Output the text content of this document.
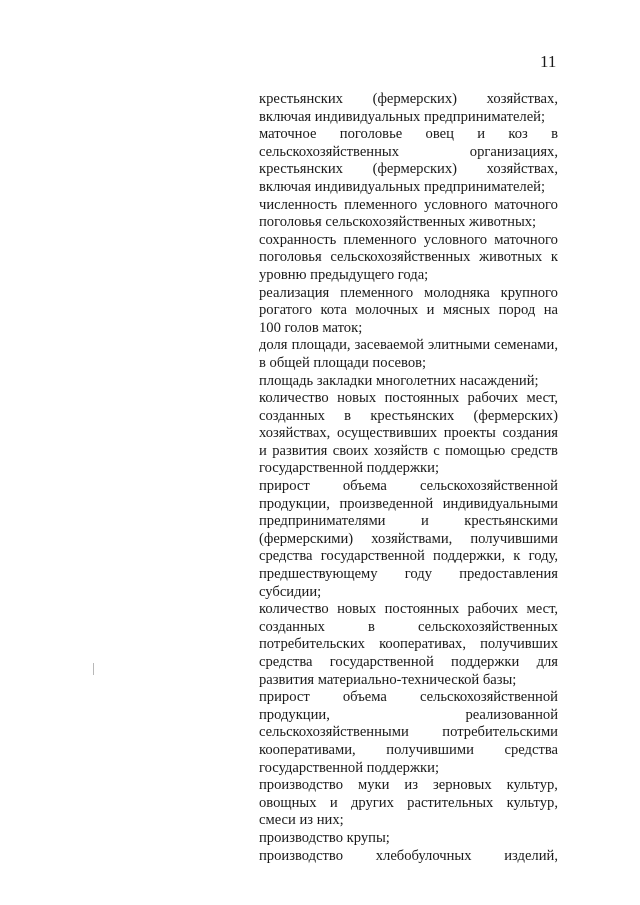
11
крестьянских (фермерских) хозяйствах,
включая индивидуальных предпринимателей;
маточное поголовье овец и коз в
сельскохозяйственных	организациях,
крестьянских (фермерских) хозяйствах,
включая индивидуальных предпринимателей;
численность племенного условного маточного
поголовья сельскохозяйственных животных;
сохранность племенного условного маточного
поголовья сельскохозяйственных животных к
уровню предыдущего года;
реализация племенного молодняка крупного
рогатого кота молочных и мясных пород на
100 голов маток;
доля площади, засеваемой элитными семенами,
в общей площади посевов;
площадь закладки многолетних насаждений;
количество новых постоянных рабочих мест,
созданных в крестьянских (фермерских)
хозяйствах, осуществивших проекты создания
и развития своих хозяйств с помощью средств
государственной поддержки;
прирост объема сельскохозяйственной
продукции, произведенной индивидуальными
предпринимателями и крестьянскими
(фермерскими) хозяйствами, получившими
средства государственной поддержки, к году,
предшествующему году предоставления
субсидии;
количество новых постоянных рабочих мест,
созданных	в	сельскохозяйственных
потребительских кооперативах, получивших
средства государственной поддержки для
развития материально-технической базы;
прирост объема сельскохозяйственной
продукции,	реализованной
сельскохозяйственными потребительскими
кооперативами, получившими средства
государственной поддержки;
производство муки из зерновых культур,
овощных и других растительных культур,
смеси из них;
производство крупы;
производство хлебобулочных изделий,
